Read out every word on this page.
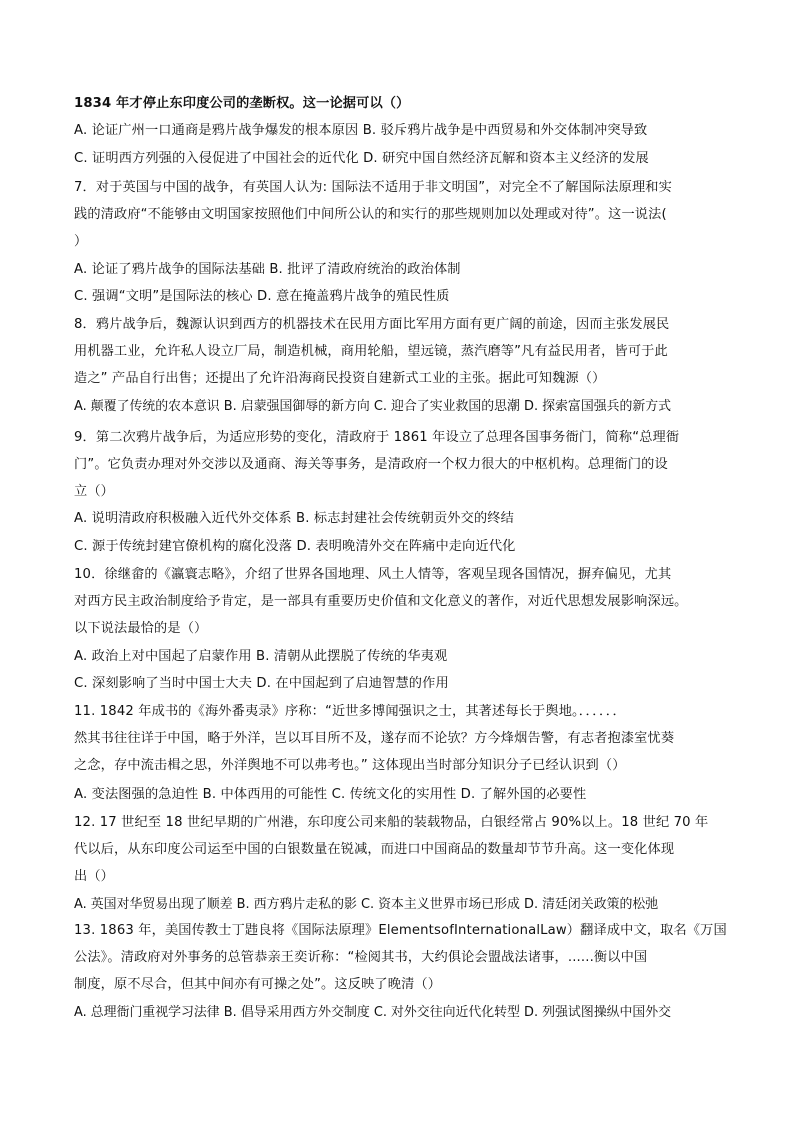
1834 年才停止东印度公司的垄断权。这一论据可以（）
A. 论证广州一口通商是鸦片战争爆发的根本原因 B. 驳斥鸦片战争是中西贸易和外交体制冲突导致
C. 证明西方列强的入侵促进了中国社会的近代化 D. 研究中国自然经济瓦解和资本主义经济的发展
7．对于英国与中国的战争，有英国人认为: 国际法不适用于非文明国”，对完全不了解国际法原理和实
践的清政府“不能够由文明国家按照他们中间所公认的和实行的那些规则加以处理或对待”。这一说法(
）
A. 论证了鸦片战争的国际法基础 B. 批评了清政府统治的政治体制
C. 强调“文明”是国际法的核心 D. 意在掩盖鸦片战争的殖民性质
8．鸦片战争后，魏源认识到西方的机器技术在民用方面比军用方面有更广阔的前途，因而主张发展民
用机器工业，允许私人设立厂局，制造机械，商用轮船，望远镜，蒸汽磨等”凡有益民用者，皆可于此
造之” 产品自行出售；还提出了允许沿海商民投资自建新式工业的主张。据此可知魏源（）
A. 颠覆了传统的农本意识 B. 启蒙强国御辱的新方向 C. 迎合了实业救国的思潮 D. 探索富国强兵的新方式
9．第二次鸦片战争后，为适应形势的变化，清政府于 1861 年设立了总理各国事务衙门，简称“总理衙
门”。它负责办理对外交涉以及通商、海关等事务，是清政府一个权力很大的中枢机构。总理衙门的设
立（）
A. 说明清政府积极融入近代外交体系 B. 标志封建社会传统朝贡外交的终结
C. 源于传统封建官僚机构的腐化没落 D. 表明晚清外交在阵痛中走向近代化
10．徐继畲的《瀛寰志略》，介绍了世界各国地理、风土人情等，客观呈现各国情况，摒弃偏见，尤其
对西方民主政治制度给予肯定，是一部具有重要历史价值和文化意义的著作，对近代思想发展影响深远。
以下说法最恰的是（）
A. 政治上对中国起了启蒙作用 B. 清朝从此摆脱了传统的华夷观
C. 深刻影响了当时中国士大夫 D. 在中国起到了启迪智慧的作用
11. 1842 年成书的《海外番夷录》序称：“近世多博闻强识之士，其著述每长于舆地。．．．．．．
然其书往往详于中国，略于外洋，岂以耳目所不及，遂存而不论欤？方今烽烟告警，有志者抱漆室忧葵
之念，存中流击楫之思，外洋舆地不可以弗考也。” 这体现出当时部分知识分子已经认识到（）
A. 变法图强的急迫性 B. 中体西用的可能性 C. 传统文化的实用性 D. 了解外国的必要性
12. 17 世纪至 18 世纪早期的广州港，东印度公司来船的装载物品，白银经常占 90%以上。18 世纪 70 年
代以后，从东印度公司运至中国的白银数量在锐减，而进口中国商品的数量却节节升高。这一变化体现
出（）
A. 英国对华贸易出现了顺差 B. 西方鸦片走私的影 C. 资本主义世界市场已形成 D. 清廷闭关政策的松弛
13. 1863 年，美国传教士丁韪良将《国际法原理》ElementsofInternationalLaw）翻译成中文，取名《万国
公法》。清政府对外事务的总管恭亲王奕䜣称：“检阅其书，大约俱论会盟战法诸事，......衡以中国
制度，原不尽合，但其中间亦有可操之处”。这反映了晚清（）
A. 总理衙门重视学习法律 B. 倡导采用西方外交制度 C. 对外交往向近代化转型 D. 列强试图操纵中国外交
